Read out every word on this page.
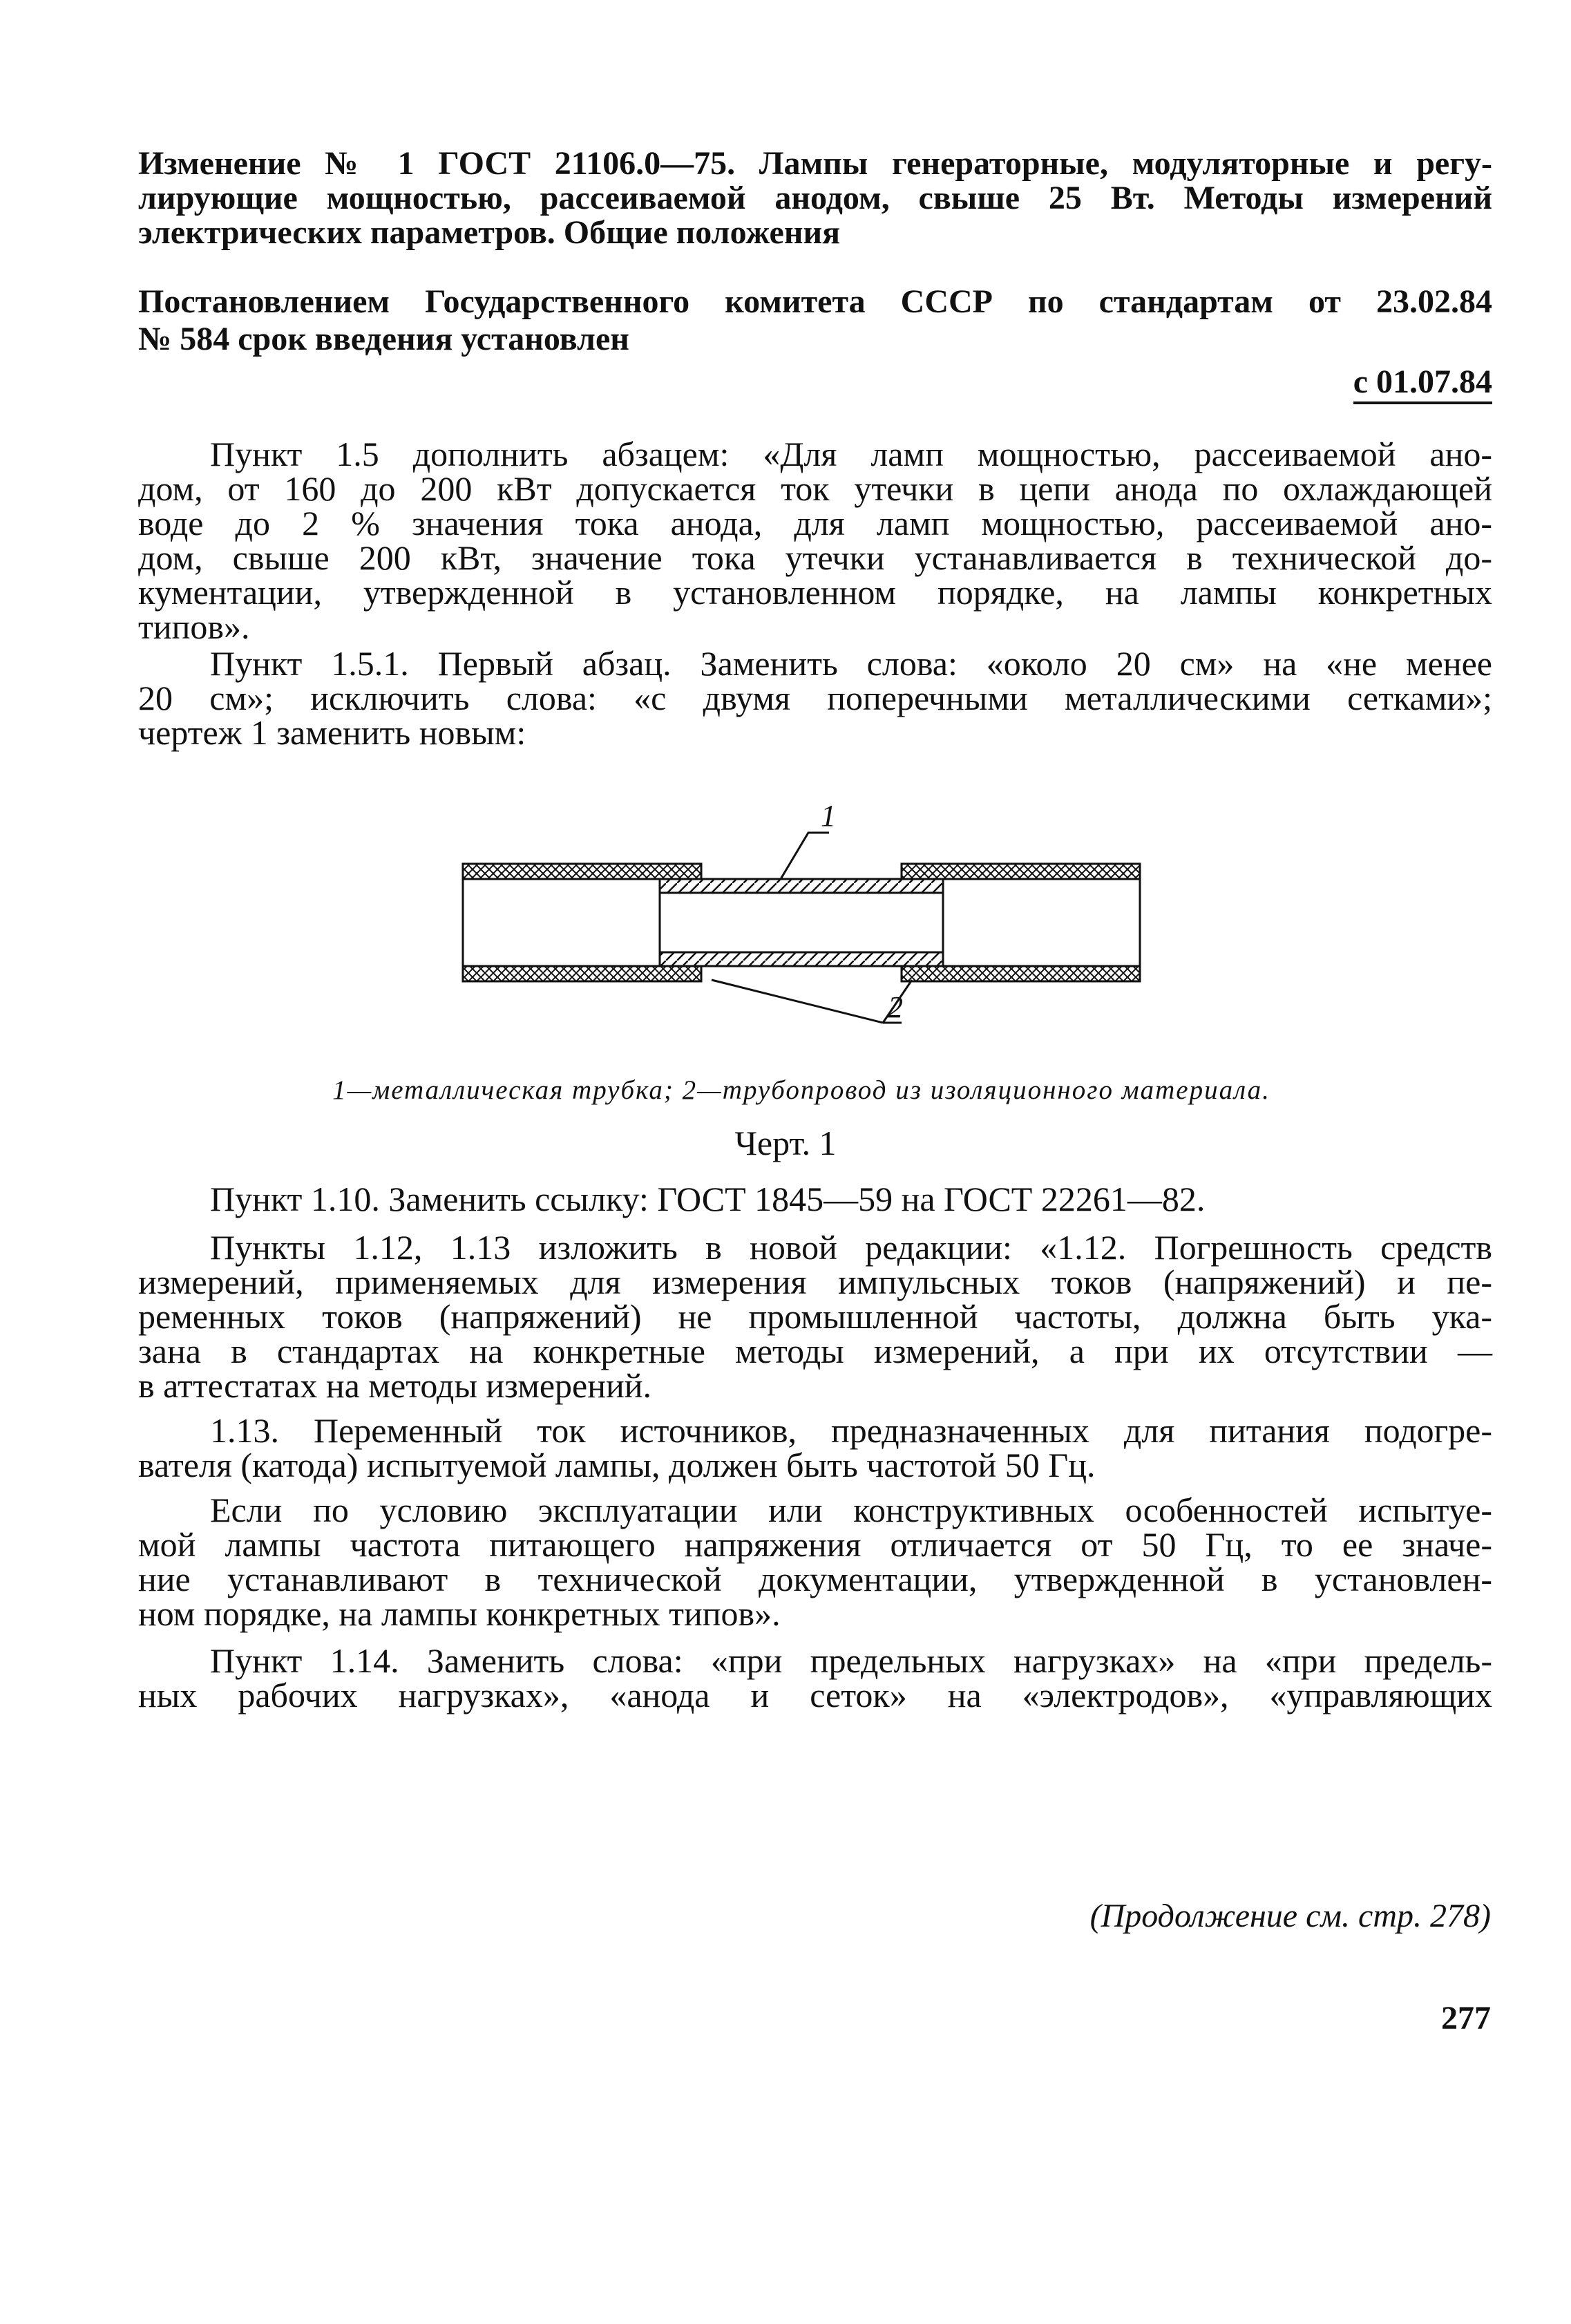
Изменение № 1 ГОСТ 21106.0—75. Лампы генераторные, модуляторные и регу-
лирующие мощностью, рассеиваемой анодом, свыше 25 Вт. Методы измерений
электрических параметров. Общие положения
Постановлением Государственного комитета СССР по стандартам от 23.02.84
№ 584 срок введения установлен
с 01.07.84
Пункт 1.5 дополнить абзацем: «Для ламп мощностью, рассеиваемой ано-
дом, от 160 до 200 кВт допускается ток утечки в цепи анода по охлаждающей
воде до 2 % значения тока анода, для ламп мощностью, рассеиваемой ано-
дом, свыше 200 кВт, значение тока утечки устанавливается в технической до-
кументации, утвержденной в установленном порядке, на лампы конкретных
типов».
Пункт 1.5.1. Первый абзац. Заменить слова: «около 20 см» на «не менее
20 см»; исключить слова: «с двумя поперечными металлическими сетками»;
чертеж 1 заменить новым:
1
2
1—металлическая трубка; 2—трубопровод из изоляционного материала.
Черт. 1
Пункт 1.10. Заменить ссылку: ГОСТ 1845—59 на ГОСТ 22261—82.
Пункты 1.12, 1.13 изложить в новой редакции: «1.12. Погрешность средств
измерений, применяемых для измерения импульсных токов (напряжений) и пе-
ременных токов (напряжений) не промышленной частоты, должна быть ука-
зана в стандартах на конкретные методы измерений, а при их отсутствии —
в аттестатах на методы измерений.
1.13. Переменный ток источников, предназначенных для питания подогре-
вателя (катода) испытуемой лампы, должен быть частотой 50 Гц.
Если по условию эксплуатации или конструктивных особенностей испытуе-
мой лампы частота питающего напряжения отличается от 50 Гц, то ее значе-
ние устанавливают в технической документации, утвержденной в установлен-
ном порядке, на лампы конкретных типов».
Пункт 1.14. Заменить слова: «при предельных нагрузках» на «при предель-
ных рабочих нагрузках», «анода и сеток» на «электродов», «управляющих
(Продолжение см. стр. 278)
277
